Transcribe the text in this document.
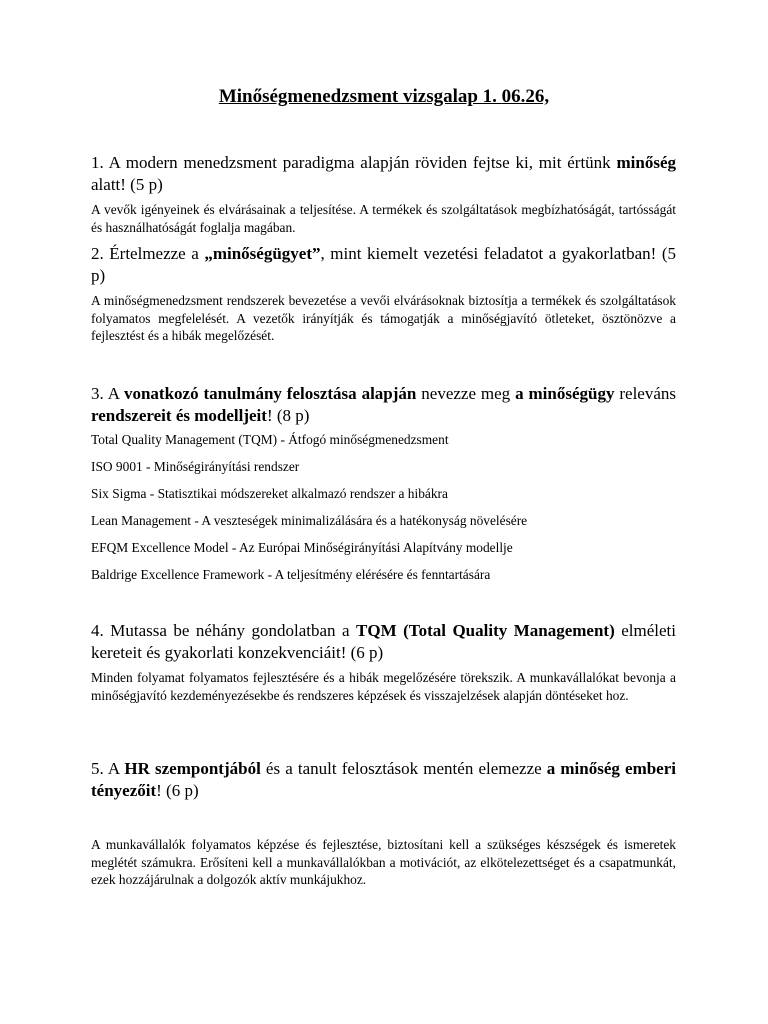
Minőségmenedzsment vizsgalap 1. 06.26,

1. A modern menedzsment paradigma alapján röviden fejtse ki, mit értünk minőség alatt! (5 p)

A vevők igényeinek és elvárásainak a teljesítése. A termékek és szolgáltatások megbízhatóságát, tartósságát és használhatóságát foglalja magában.

2. Értelmezze a „minőségügyet”, mint kiemelt vezetési feladatot a gyakorlatban! (5 p)

A minőségmenedzsment rendszerek bevezetése a vevői elvárásoknak biztosítja a termékek és szolgáltatások folyamatos megfelelését. A vezetők irányítják és támogatják a minőségjavító ötleteket, ösztönözve a fejlesztést és a hibák megelőzését.

3. A vonatkozó tanulmány felosztása alapján nevezze meg a minőségügy releváns rendszereit és modelljeit! (8 p)

Total Quality Management (TQM) - Átfogó minőségmenedzsment

ISO 9001 - Minőségirányítási rendszer

Six Sigma - Statisztikai módszereket alkalmazó rendszer a hibákra

Lean Management - A veszteségek minimalizálására és a hatékonyság növelésére

EFQM Excellence Model - Az Európai Minőségirányítási Alapítvány modellje

Baldrige Excellence Framework - A teljesítmény elérésére és fenntartására

4. Mutassa be néhány gondolatban a TQM (Total Quality Management) elméleti kereteit és gyakorlati konzekvenciáit! (6 p)

Minden folyamat folyamatos fejlesztésére és a hibák megelőzésére törekszik. A munkavállalókat bevonja a minőségjavító kezdeményezésekbe és rendszeres képzések és visszajelzések alapján döntéseket hoz.

5. A HR szempontjából és a tanult felosztások mentén elemezze a minőség emberi tényezőit! (6 p)

A munkavállalók folyamatos képzése és fejlesztése, biztosítani kell a szükséges készségek és ismeretek meglétét számukra. Erősíteni kell a munkavállalókban a motivációt, az elkötelezettséget és a csapatmunkát, ezek hozzájárulnak a dolgozók aktív munkájukhoz.
